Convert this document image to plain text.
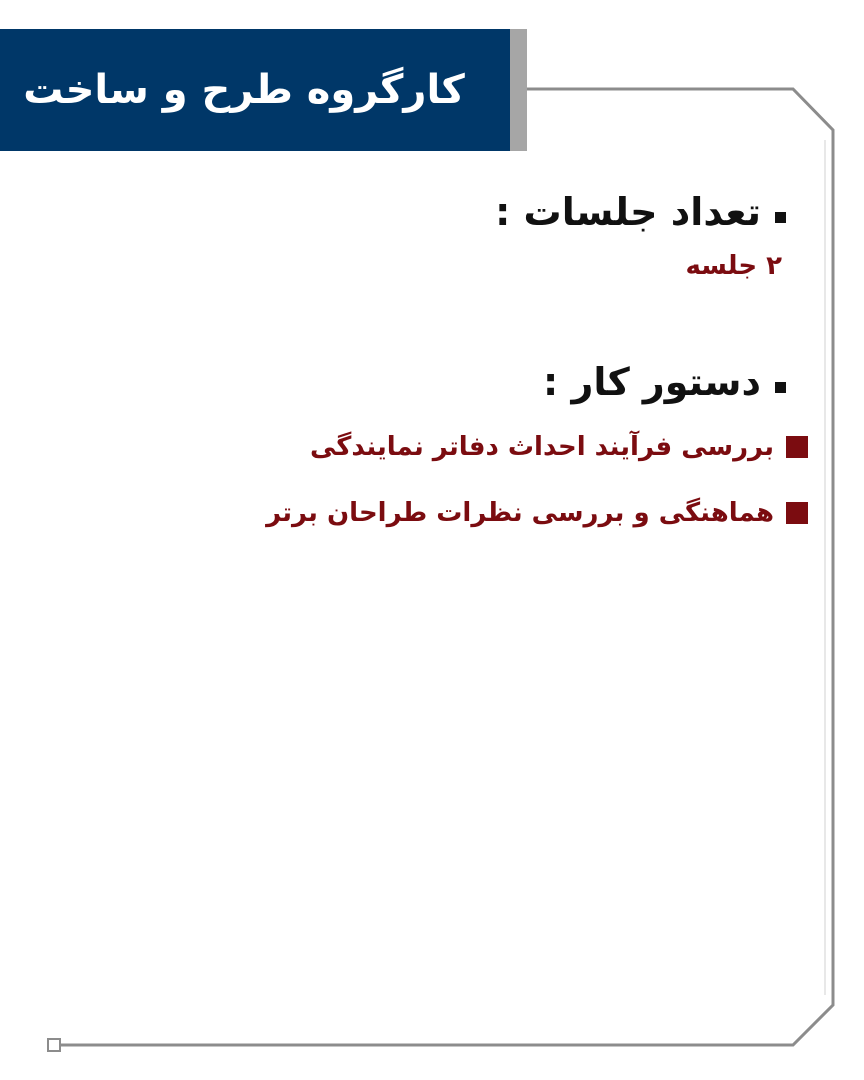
کارگروه طرح و ساخت
تعداد جلسات :
۲ جلسه
دستور کار :
بررسی فرآیند احداث دفاتر نمایندگی
هماهنگی و بررسی نظرات طراحان برتر
